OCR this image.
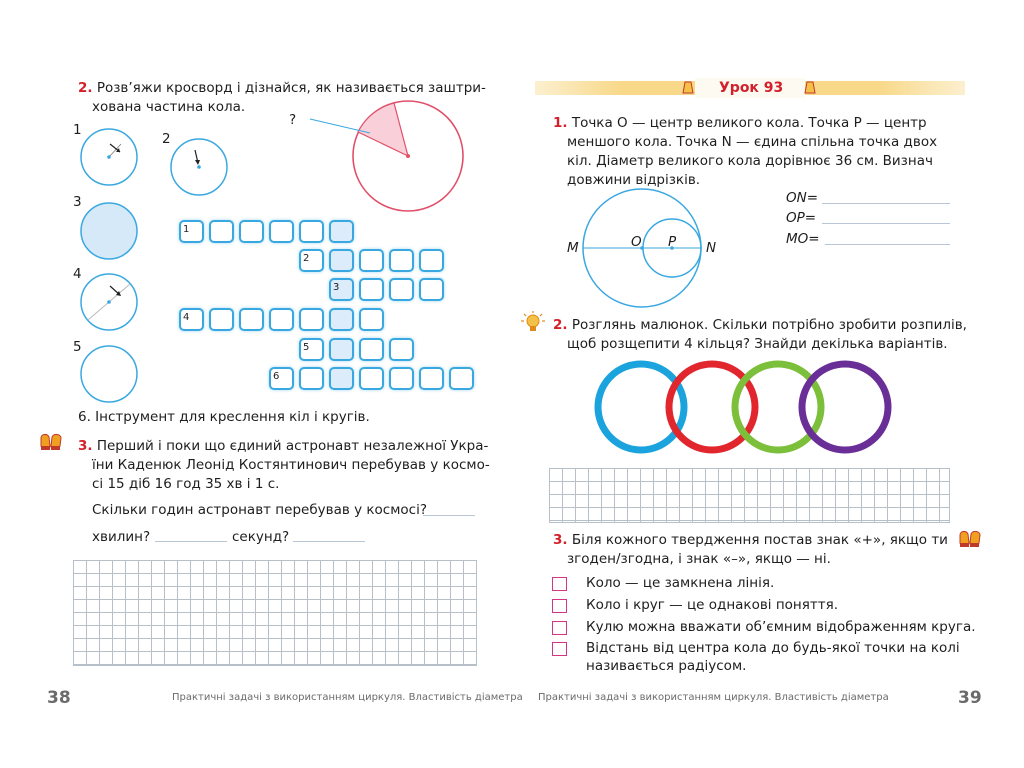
2. Розв’яжи кросворд і дізнайся, як називається заштри-
хована частина кола.
?
1
2
3
4
5
1
2
3
4
5
6
6. Інструмент для креслення кіл і кругів.
3. Перший і поки що єдиний астронавт незалежної Укра-
їни Каденюк Леонід Костянтинович перебував у космо-
сі 15 діб 16 год 35 хв і 1 с.
Скільки годин астронавт перебував у космосі?
хвилин?	секунд?
38	Практичні задачі з використанням циркуля. Властивість діаметра
Урок 93
1. Точка O — центр великого кола. Точка P — центр
меншого кола. Точка N — єдина спільна точка двох
кіл. Діаметр великого кола дорівнює 36 см. Визнач
довжини відрізків.
M	O P N
ON=
OP=
MO=
2. Розглянь малюнок. Скільки потрібно зробити розпилів,
щоб розщепити 4 кільця? Знайди декілька варіантів.
3. Біля кожного твердження постав знак «+», якщо ти
згоден/згодна, і знак «–», якщо — ні.
Коло — це замкнена лінія.
Коло і круг — це однакові поняття.
Кулю можна вважати об’ємним відображенням круга.
Відстань від центра кола до будь-якої точки на колі
називається радіусом.
Практичні задачі з використанням циркуля. Властивість діаметра	39
